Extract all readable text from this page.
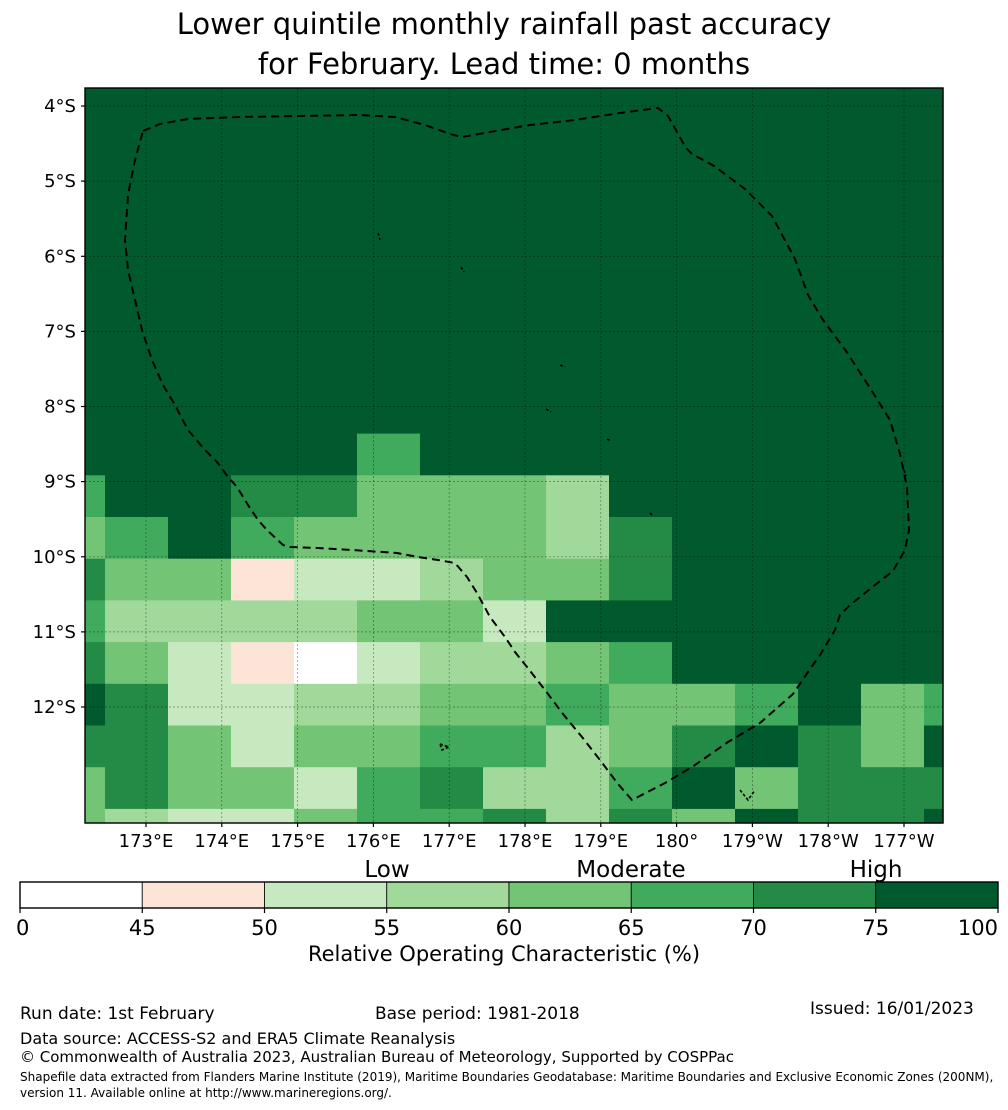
Lower quintile monthly rainfall past accuracy
for February. Lead time: 0 months
173°E 174°E 175°E 176°E 177°E 178°E 179°E 180° 179°W 178°W 177°W
4°S
5°S
6°S
7°S
8°S
9°S
10°S
11°S
12°S
0	45	50	55	60	65	70	75	100
Low	Moderate	High
Relative Operating Characteristic (%)
Run date: 1st February	Base period: 1981-2018	Issued: 16/01/2023
Data source: ACCESS-S2 and ERA5 Climate Reanalysis
© Commonwealth of Australia 2023, Australian Bureau of Meteorology, Supported by COSPPac
Shapefile data extracted from Flanders Marine Institute (2019), Maritime Boundaries Geodatabase: Maritime Boundaries and Exclusive Economic Zones (200NM),
version 11. Available online at http://www.marineregions.org/.
